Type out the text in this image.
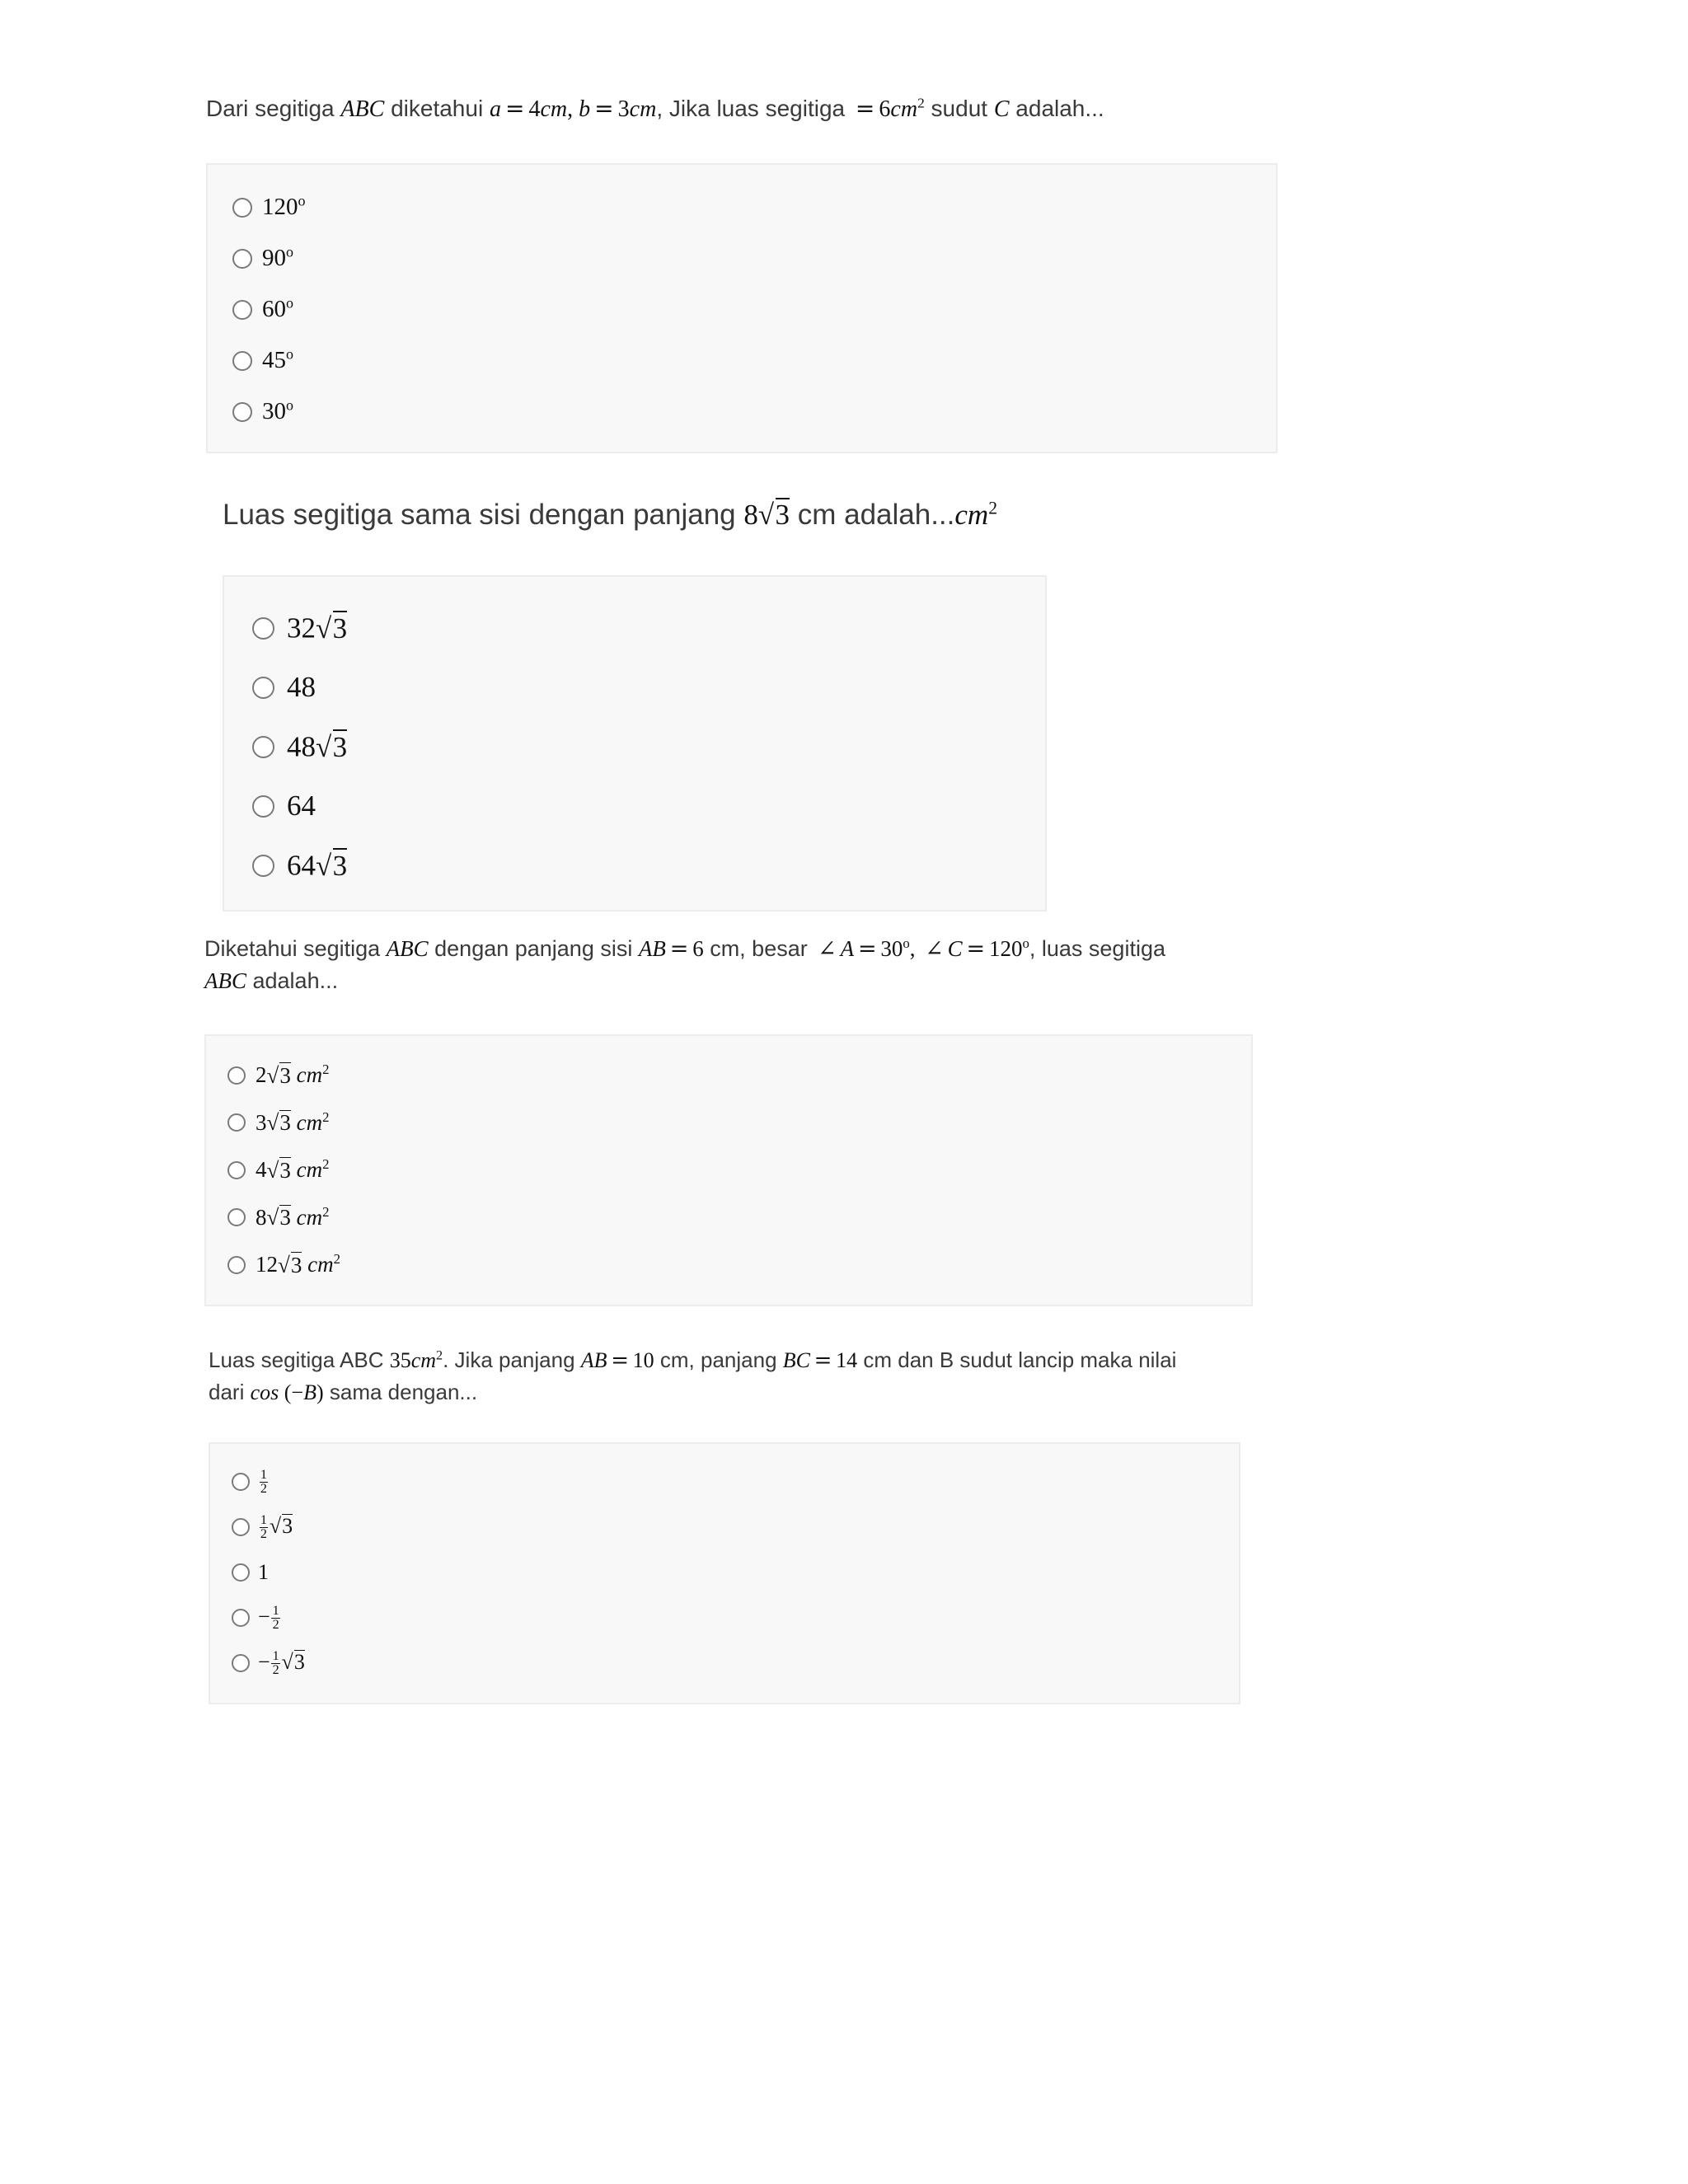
Dari segitiga ABC diketahui a = 4cm, b = 3cm, Jika luas segitiga = $6cm^2$ sudut C adalah...
120$^o$
90$^o$
60$^o$
45$^o$
30$^o$
Luas segitiga sama sisi dengan panjang 8√3 cm $adalah...cm^2$
32√3
48
48√3
64
64√3
Diketahui segitiga ABC dengan panjang sisi AB = 6 cm, besar ∠ $A = 30^o$, ∠ $C = 120^o$, luas segitiga
ABC adalah...
2√3 $cm^2$
3√3 $cm^2$
4√3 $cm^2$
8√3 $cm^2$
12√3 $cm^2$
Luas segitiga ABC $35cm^2$. Jika panjang AB = 10 cm, panjang BC = 14 cm dan B sudut lancip maka nilai
dari cos (−B) sama dengan...
$\frac{1}{2}$
$\frac{1}{2} √3$
1
− $\frac{1}{2}$
− $\frac{1}{2} √3$
